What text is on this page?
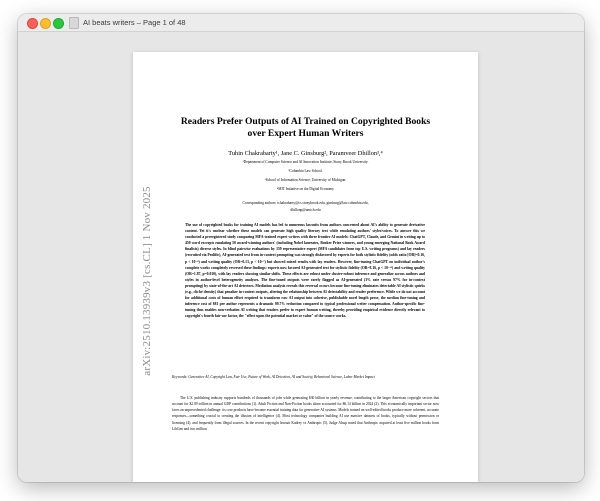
AI beats writers – Page 1 of 48
arXiv:2510.13939v3 [cs.CL] 1 Nov 2025
Readers Prefer Outputs of AI Trained on Copyrighted Books over Expert Human Writers
Tuhin Chakrabarty¹, Jane C. Ginsburg², Paramveer Dhillon³,⁴
¹Department of Computer Science and AI Innovation Institute, Stony Brook University.
²Columbia Law School.
³School of Information Science, University of Michigan.
⁴MIT Initiative on the Digital Economy
Corresponding authors: tchakrabarty@cs.stonybrook.edu, ginsburg@law.columbia.edu,
dhillonp@umich.edu
The use of copyrighted books for training AI models has led to numerous lawsuits from authors concerned about AI's ability to generate derivative content. Yet it's unclear whether these models can generate high quality literary text while emulating authors' styles/voices. To answer this we conducted a preregistered study comparing MFA-trained expert writers with three frontier AI models: ChatGPT, Claude, and Gemini in writing up to 450 word excerpts emulating 50 award-winning authors' (including Nobel laureates, Booker Prize winners, and young emerging National Book Award finalists) diverse styles. In blind pairwise evaluations by 159 representative expert (MFA candidates from top U.S. writing programs) and lay readers (recruited via Prolific), AI-generated text from in-context prompting was strongly disfavored by experts for both stylistic fidelity (odds ratio [OR]=0.16, p < 10⁻⁸) and writing quality (OR=0.13, p < 10⁻⁷) but showed mixed results with lay readers. However, fine-tuning ChatGPT on individual author's complete works completely reversed these findings: experts now favored AI-generated text for stylistic fidelity (OR=8.16, p < 10⁻¹³) and writing quality (OR=1.87, p=0.010), with lay readers showing similar shifts. These effects are robust under cluster-robust inference and generalize across authors and styles in author-level heterogeneity analyses. The fine-tuned outputs were rarely flagged as AI-generated (3% rate versus 97% for in-context prompting) by state-of-the-art AI detectors. Mediation analysis reveals this reversal occurs because fine-tuning eliminates detectable AI stylistic quirks (e.g., cliché density) that penalize in-context outputs, altering the relationship between AI detectability and reader preference. While we do not account for additional costs of human effort required to transform raw AI output into cohesive, publishable novel length prose, the median fine-tuning and inference cost of $81 per author represents a dramatic 99.7% reduction compared to typical professional writer compensation. Author-specific fine-tuning thus enables non-verbatim AI writing that readers prefer to expert human writing, thereby providing empirical evidence directly relevant to copyright's fourth fair-use factor, the "effect upon the potential market or value" of the source works.
Keywords: Generative AI, Copyright Law, Fair Use, Future of Work, AI Detection, AI and Society, Behavioral Science, Labor Market Impact
The U.S. publishing industry supports hundreds of thousands of jobs while generating $30 billion in yearly revenue, contributing to the larger American copyright sectors that account for $2.09 trillion in annual GDP contributions (1). Adult Fiction and Non-Fiction books alone accounted for $6.14 billion in 2024 (2). This economically important sector now faces an unprecedented challenge: its core products have become essential training data for generative-AI systems. Models trained on well-edited books produce more coherent, accurate responses—something crucial to creating the illusion of intelligence (4). Most technology companies building AI use massive datasets of books, typically without permission or licensing (4), and frequently from illegal sources. In the recent copyright lawsuit Kadrey vs Anthropic (5), Judge Alsup noted that Anthropic acquired at least five million books from LibGen and two million
